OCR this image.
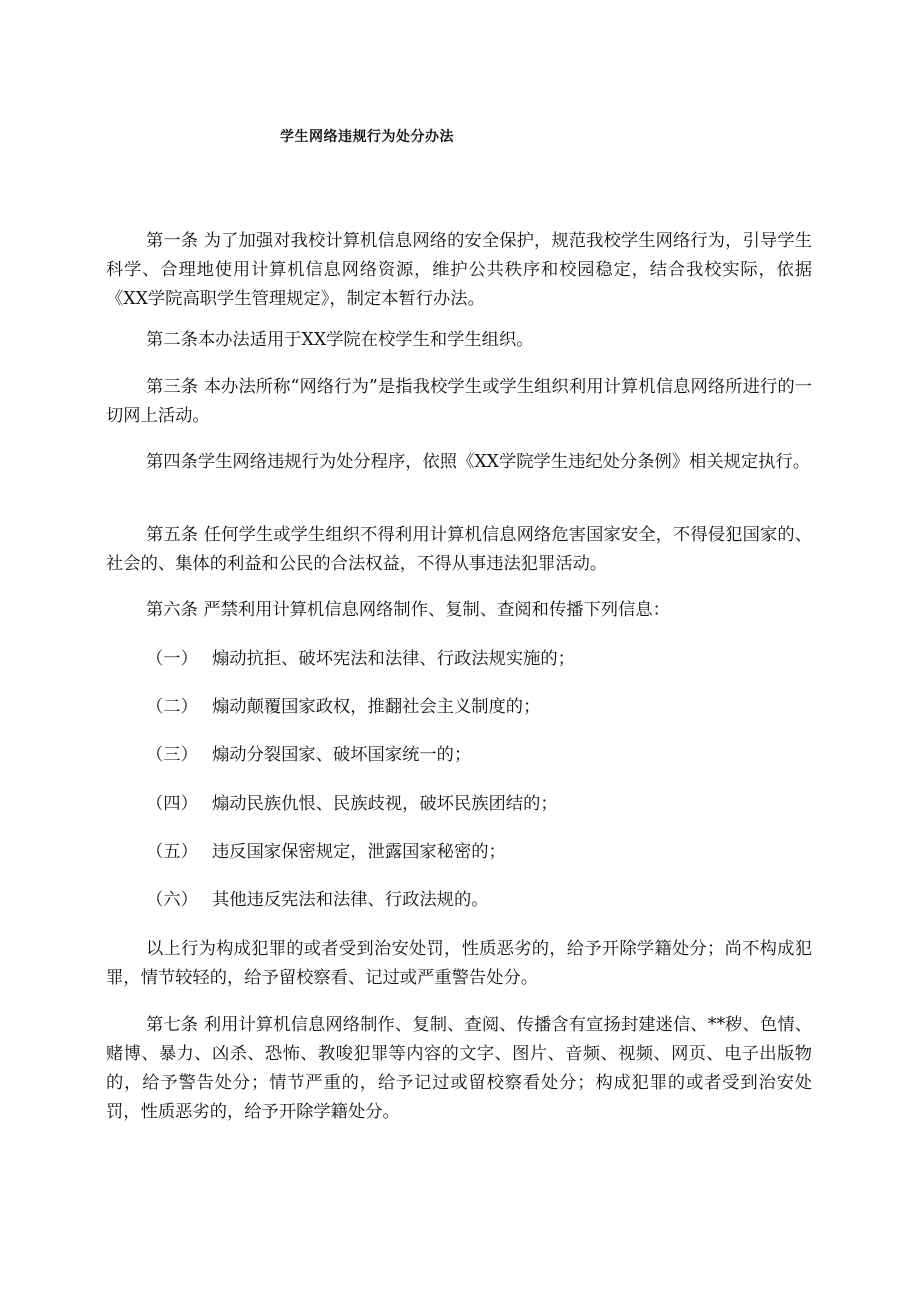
学生网络违规行为处分办法

第一条 为了加强对我校计算机信息网络的安全保护，规范我校学生网络行为，引导学生科学、合理地使用计算机信息网络资源，维护公共秩序和校园稳定，结合我校实际，依据《XX学院高职学生管理规定》，制定本暂行办法。

第二条本办法适用于XX学院在校学生和学生组织。

第三条 本办法所称“网络行为”是指我校学生或学生组织利用计算机信息网络所进行的一切网上活动。

第四条学生网络违规行为处分程序，依照《XX学院学生违纪处分条例》相关规定执行。

第五条 任何学生或学生组织不得利用计算机信息网络危害国家安全，不得侵犯国家的、社会的、集体的利益和公民的合法权益，不得从事违法犯罪活动。

第六条 严禁利用计算机信息网络制作、复制、查阅和传播下列信息：

（一） 煽动抗拒、破坏宪法和法律、行政法规实施的；

（二） 煽动颠覆国家政权，推翻社会主义制度的；

（三） 煽动分裂国家、破坏国家统一的；

（四） 煽动民族仇恨、民族歧视，破坏民族团结的；

（五） 违反国家保密规定，泄露国家秘密的；

（六） 其他违反宪法和法律、行政法规的。

以上行为构成犯罪的或者受到治安处罚，性质恶劣的，给予开除学籍处分；尚不构成犯罪，情节较轻的，给予留校察看、记过或严重警告处分。

第七条 利用计算机信息网络制作、复制、查阅、传播含有宣扬封建迷信、**秽、色情、赌博、暴力、凶杀、恐怖、教唆犯罪等内容的文字、图片、音频、视频、网页、电子出版物的，给予警告处分；情节严重的，给予记过或留校察看处分；构成犯罪的或者受到治安处罚，性质恶劣的，给予开除学籍处分。
